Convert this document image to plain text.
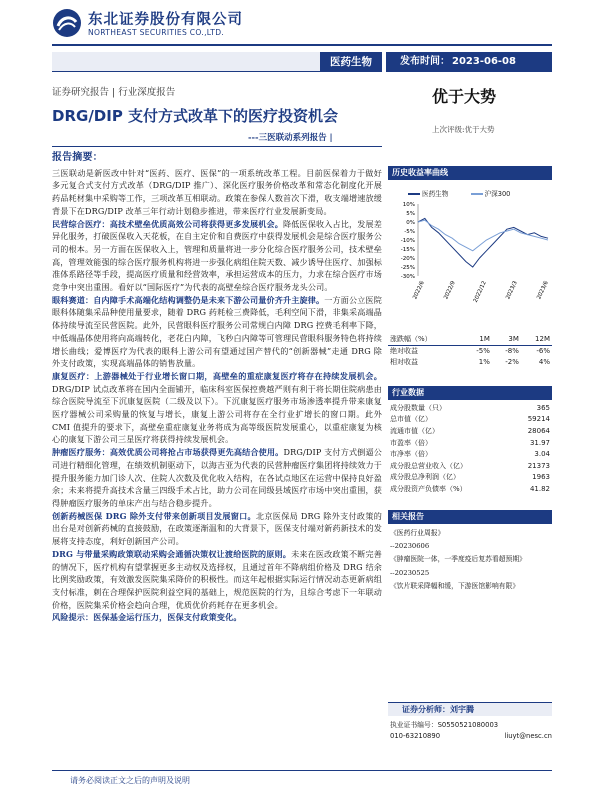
东北证券股份有限公司
NORTHEAST SECURITIES CO.,LTD.
医药生物	发布时间： 2023-06-08
证券研究报告 | 行业深度报告
DRG/DIP 支付方式改革下的医疗投资机会
---三医联动系列报告 |
优于大势
上次评级:优于大势
报告摘要：

三医联动是新医改中针对“医药、医疗、医保”的一项系统改革工程。目前医保着力于做好多元复合式支付方式改革（DRG/DIP 推广）、深化医疗服务价格改革和常态化制度化开展药品耗材集中采购等工作，三项改革互相联动。政策在参保人数首次下滑，收支端增速放缓背景下在DRG/DIP 改革三年行动计划稳步推进，带来医疗行业发展新变局。

民营综合医疗：高技术壁垒优质高效公司将获得更多发展机会。降低医保收入占比，发展差异化服务，打破医保收入天花板，在自主定价和自费医疗中获得发展机会是综合医疗服务公司的根本。另一方面在医保收入上，管理和质量将进一步分化综合医疗服务公司，技术壁垒高，管理效能强的综合医疗服务机构将进一步强化病组住院天数、减少诱导住医疗、加强标准体系路径等手段，提高医疗质量和经营效率，承担运营成本的压力，力求在综合医疗市场竞争中突出重围。看好以“国际医疗”为代表的高壁垒综合医疗服务龙头公司。

眼科赛道：自内障手术高端化结构调整仍是未来下游公司量价齐升主旋律。一方面公立医院眼科体随集采品种使用量要求，随着 DRG 药耗检三费降低，毛利空间下滑，非集采高端晶体持续导流至民营医院。此外，民营眼科医疗服务公司常规白内障 DRG 控费毛利率下降，中低端晶体使用将向高端转化，老花白内障，飞秒白内障等可管理民营眼科服务特色将持续增长曲线；爱博医疗为代表的眼科上游公司有望通过国产替代的“创新器械”走通 DRG 除外支付政策，实现高端晶体的销售放量。

康复医疗：上游器械处于行业增长窗口期，高壁垒的重症康复医疗将存在持续发展机会。DRG/DIP 试点改革将在国内全面铺开，临床科室医保控费越严则有利于将长期住院病患由综合医院导流至下沉康复医院（二级及以下）。下沉康复医疗服务市场渗透率提升带来康复医疗器械公司采购量的恢复与增长，康复上游公司将存在全行业扩增长的窗口期。此外 CMI 值提升的要求下，高壁垒重症康复业务将成为高等级医院发展重心，以重症康复为核心的康复下游公司三星医疗将获得持续发展机会。

肿瘤医疗服务：高效优质公司将抢占市场获得更先高结合使用。DRG/DIP 支付方式倒逼公司进行精细化管理，在绩效机制驱动下，以海吉亚为代表的民营肿瘤医疗集团将持续效力于提升服务能力加门诊人次、住院人次数及优化收入结构，在各试点地区在运营中保持良好盈余；未来将提升高技术含量三四级手术占比，助力公司在同级县域医疗市场中突出重围，获得肿瘤医疗服务的单床产出与结合稳步提升。

创新药械医保 DRG 除外支付带来创新项目发展窗口。北京医保局 DRG 除外支付政策的出台是对创新药械的直接鼓励，在政策逐渐温和的大背景下，医保支付端对新药新技术的发展将支持态度，利好创新国产公司。

DRG 与带量采购政策联动采购会通循决策权让渡给医院的原则。未来在医改政策不断完善的情况下，医疗机构有望掌握更多主动权及选择权，且通过首年不降病组价格及 DRG 结余比例奖励政策，有效激发医院集采降价的积极性。而这年起根据实际运行情况动态更新病组支付标准，刺在合理保护医院利益空间的基础上，规范医院的行为，且综合考虑下一年联动价格，医院集采价格会趋向合理，优质优价药耗存在更多机会。

风险提示：医保基金运行压力，医保支付政策变化。

历史收益率曲线
医药生物	沪深300
10%
5%
0%
-5%
-10%
-15%
-20%
-25%
-30%
2022/6	2022/9	2022/12	2023/3	2023/6
涨跌幅（%）	1M	3M	12M
绝对收益	-5%	-8%	-6%
相对收益	1%	-2%	4%
行业数据
成分股数量（只）	365
总市值（亿）	59214
流通市值（亿）	28064
市盈率（倍）	31.97
市净率（倍）	3.04
成分股总营业收入（亿）	21373
成分股总净利润（亿）	1963
成分股资产负债率（%）	41.82
相关报告
《医药行业周报》
--20230606
《肿瘤医院一体，一季度疫后复苏看超预期》
--20230525
《饮片联采降幅和缓，下游医馆影响有限》
证券分析师：刘宇腾
执业证书编号：S0550521080003
010-63210890	liuyt@nesc.cn
请务必阅读正文之后的声明及说明
